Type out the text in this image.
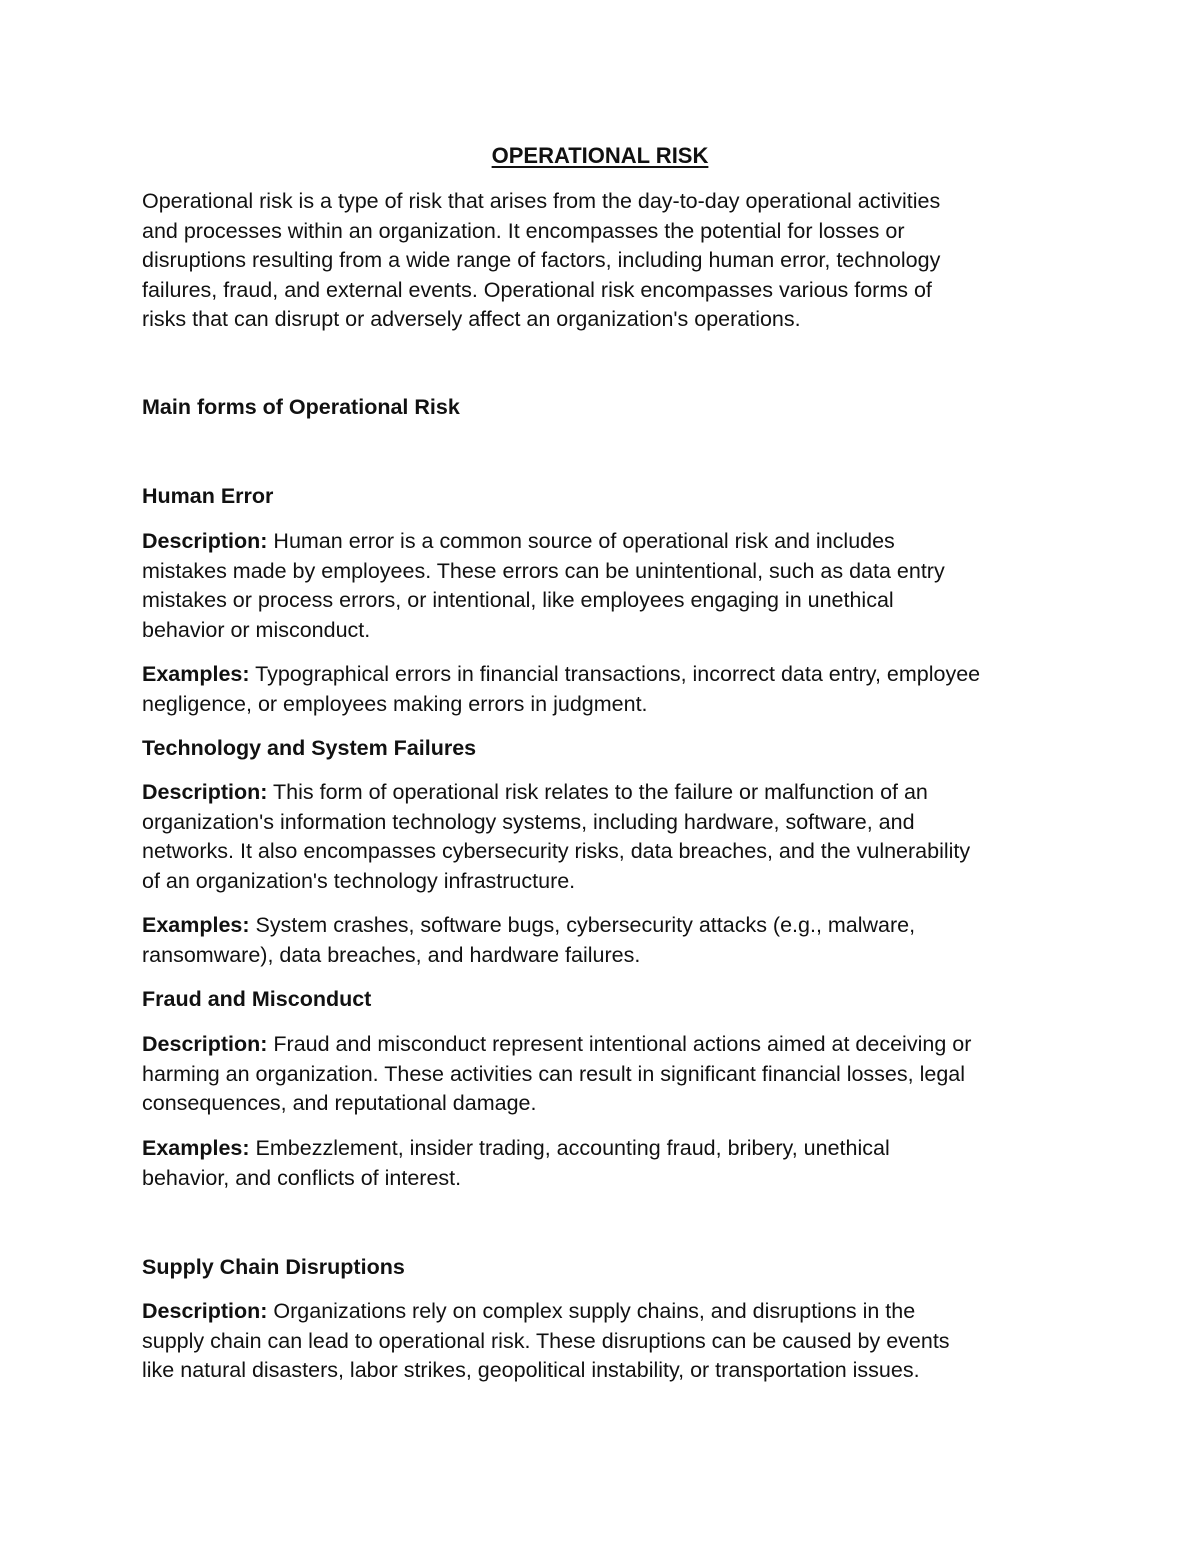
OPERATIONAL RISK
Operational risk is a type of risk that arises from the day-to-day operational activities
and processes within an organization. It encompasses the potential for losses or
disruptions resulting from a wide range of factors, including human error, technology
failures, fraud, and external events. Operational risk encompasses various forms of
risks that can disrupt or adversely affect an organization's operations.
Main forms of Operational Risk
Human Error
Description: Human error is a common source of operational risk and includes
mistakes made by employees. These errors can be unintentional, such as data entry
mistakes or process errors, or intentional, like employees engaging in unethical
behavior or misconduct.
Examples: Typographical errors in financial transactions, incorrect data entry, employee
negligence, or employees making errors in judgment.
Technology and System Failures
Description: This form of operational risk relates to the failure or malfunction of an
organization's information technology systems, including hardware, software, and
networks. It also encompasses cybersecurity risks, data breaches, and the vulnerability
of an organization's technology infrastructure.
Examples: System crashes, software bugs, cybersecurity attacks (e.g., malware,
ransomware), data breaches, and hardware failures.
Fraud and Misconduct
Description: Fraud and misconduct represent intentional actions aimed at deceiving or
harming an organization. These activities can result in significant financial losses, legal
consequences, and reputational damage.
Examples: Embezzlement, insider trading, accounting fraud, bribery, unethical
behavior, and conflicts of interest.
Supply Chain Disruptions
Description: Organizations rely on complex supply chains, and disruptions in the
supply chain can lead to operational risk. These disruptions can be caused by events
like natural disasters, labor strikes, geopolitical instability, or transportation issues.
